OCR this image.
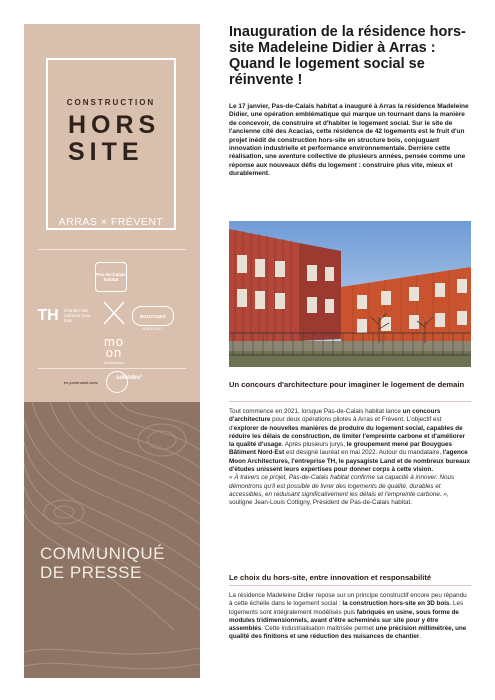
COMMUNIQUÉ
DE PRESSE
CONSTRUCTION
HORS
SITE
ARRAS × FRÉVENT
Pas-de-Calais
habitat
TH	chantier bas carbone pour tous
BOUYGUES
NORD-EST
mo
on
architectures
en partenariat avec
soletdev°
Inauguration de la résidence hors-site Madeleine Didier à Arras : Quand le logement social se réinvente !
Le 17 janvier, Pas-de-Calais habitat a inauguré à Arras la résidence Madeleine Didier, une opération emblématique qui marque un tournant dans la manière de concevoir, de construire et d'habiter le logement social. Sur le site de l'ancienne cité des Acacias, cette résidence de 42 logements est le fruit d'un projet inédit de construction hors-site en structure bois, conjuguant innovation industrielle et performance environnementale. Derrière cette réalisation, une aventure collective de plusieurs années, pensée comme une réponse aux nouveaux défis du logement : construire plus vite, mieux et durablement.
Un concours d'architecture pour imaginer le logement de demain
Tout commence en 2021, lorsque Pas-de-Calais habitat lance un concours d'architecture pour deux opérations pilotes à Arras et Frévent. L'objectif est d'explorer de nouvelles manières de produire du logement social, capables de réduire les délais de construction, de limiter l'empreinte carbone et d'améliorer la qualité d'usage. Après plusieurs jurys, le groupement mené par Bouygues Bâtiment Nord-Est est désigné lauréat en mai 2022. Autour du mandataire, l'agence Moon Architectures, l'entreprise TH, le paysagiste Land et de nombreux bureaux d'études unissent leurs expertises pour donner corps à cette vision.
« À travers ce projet, Pas-de-Calais habitat confirme sa capacité à innover. Nous démontrons qu'il est possible de livrer des logements de qualité, durables et accessibles, en réduisant significativement les délais et l'empreinte carbone. », souligne Jean-Louis Cottigny, Président de Pas-de-Calais habitat.
Le choix du hors-site, entre innovation et responsabilité
La résidence Madeleine Didier repose sur un principe constructif encore peu répandu à cette échelle dans le logement social : la construction hors-site en 3D bois. Les logements sont intégralement modélisés puis fabriqués en usine, sous forme de modules tridimensionnels, avant d'être acheminés sur site pour y être assemblés. Cette industrialisation maîtrisée permet une précision millimétrée, une qualité des finitions et une réduction des nuisances de chantier.
